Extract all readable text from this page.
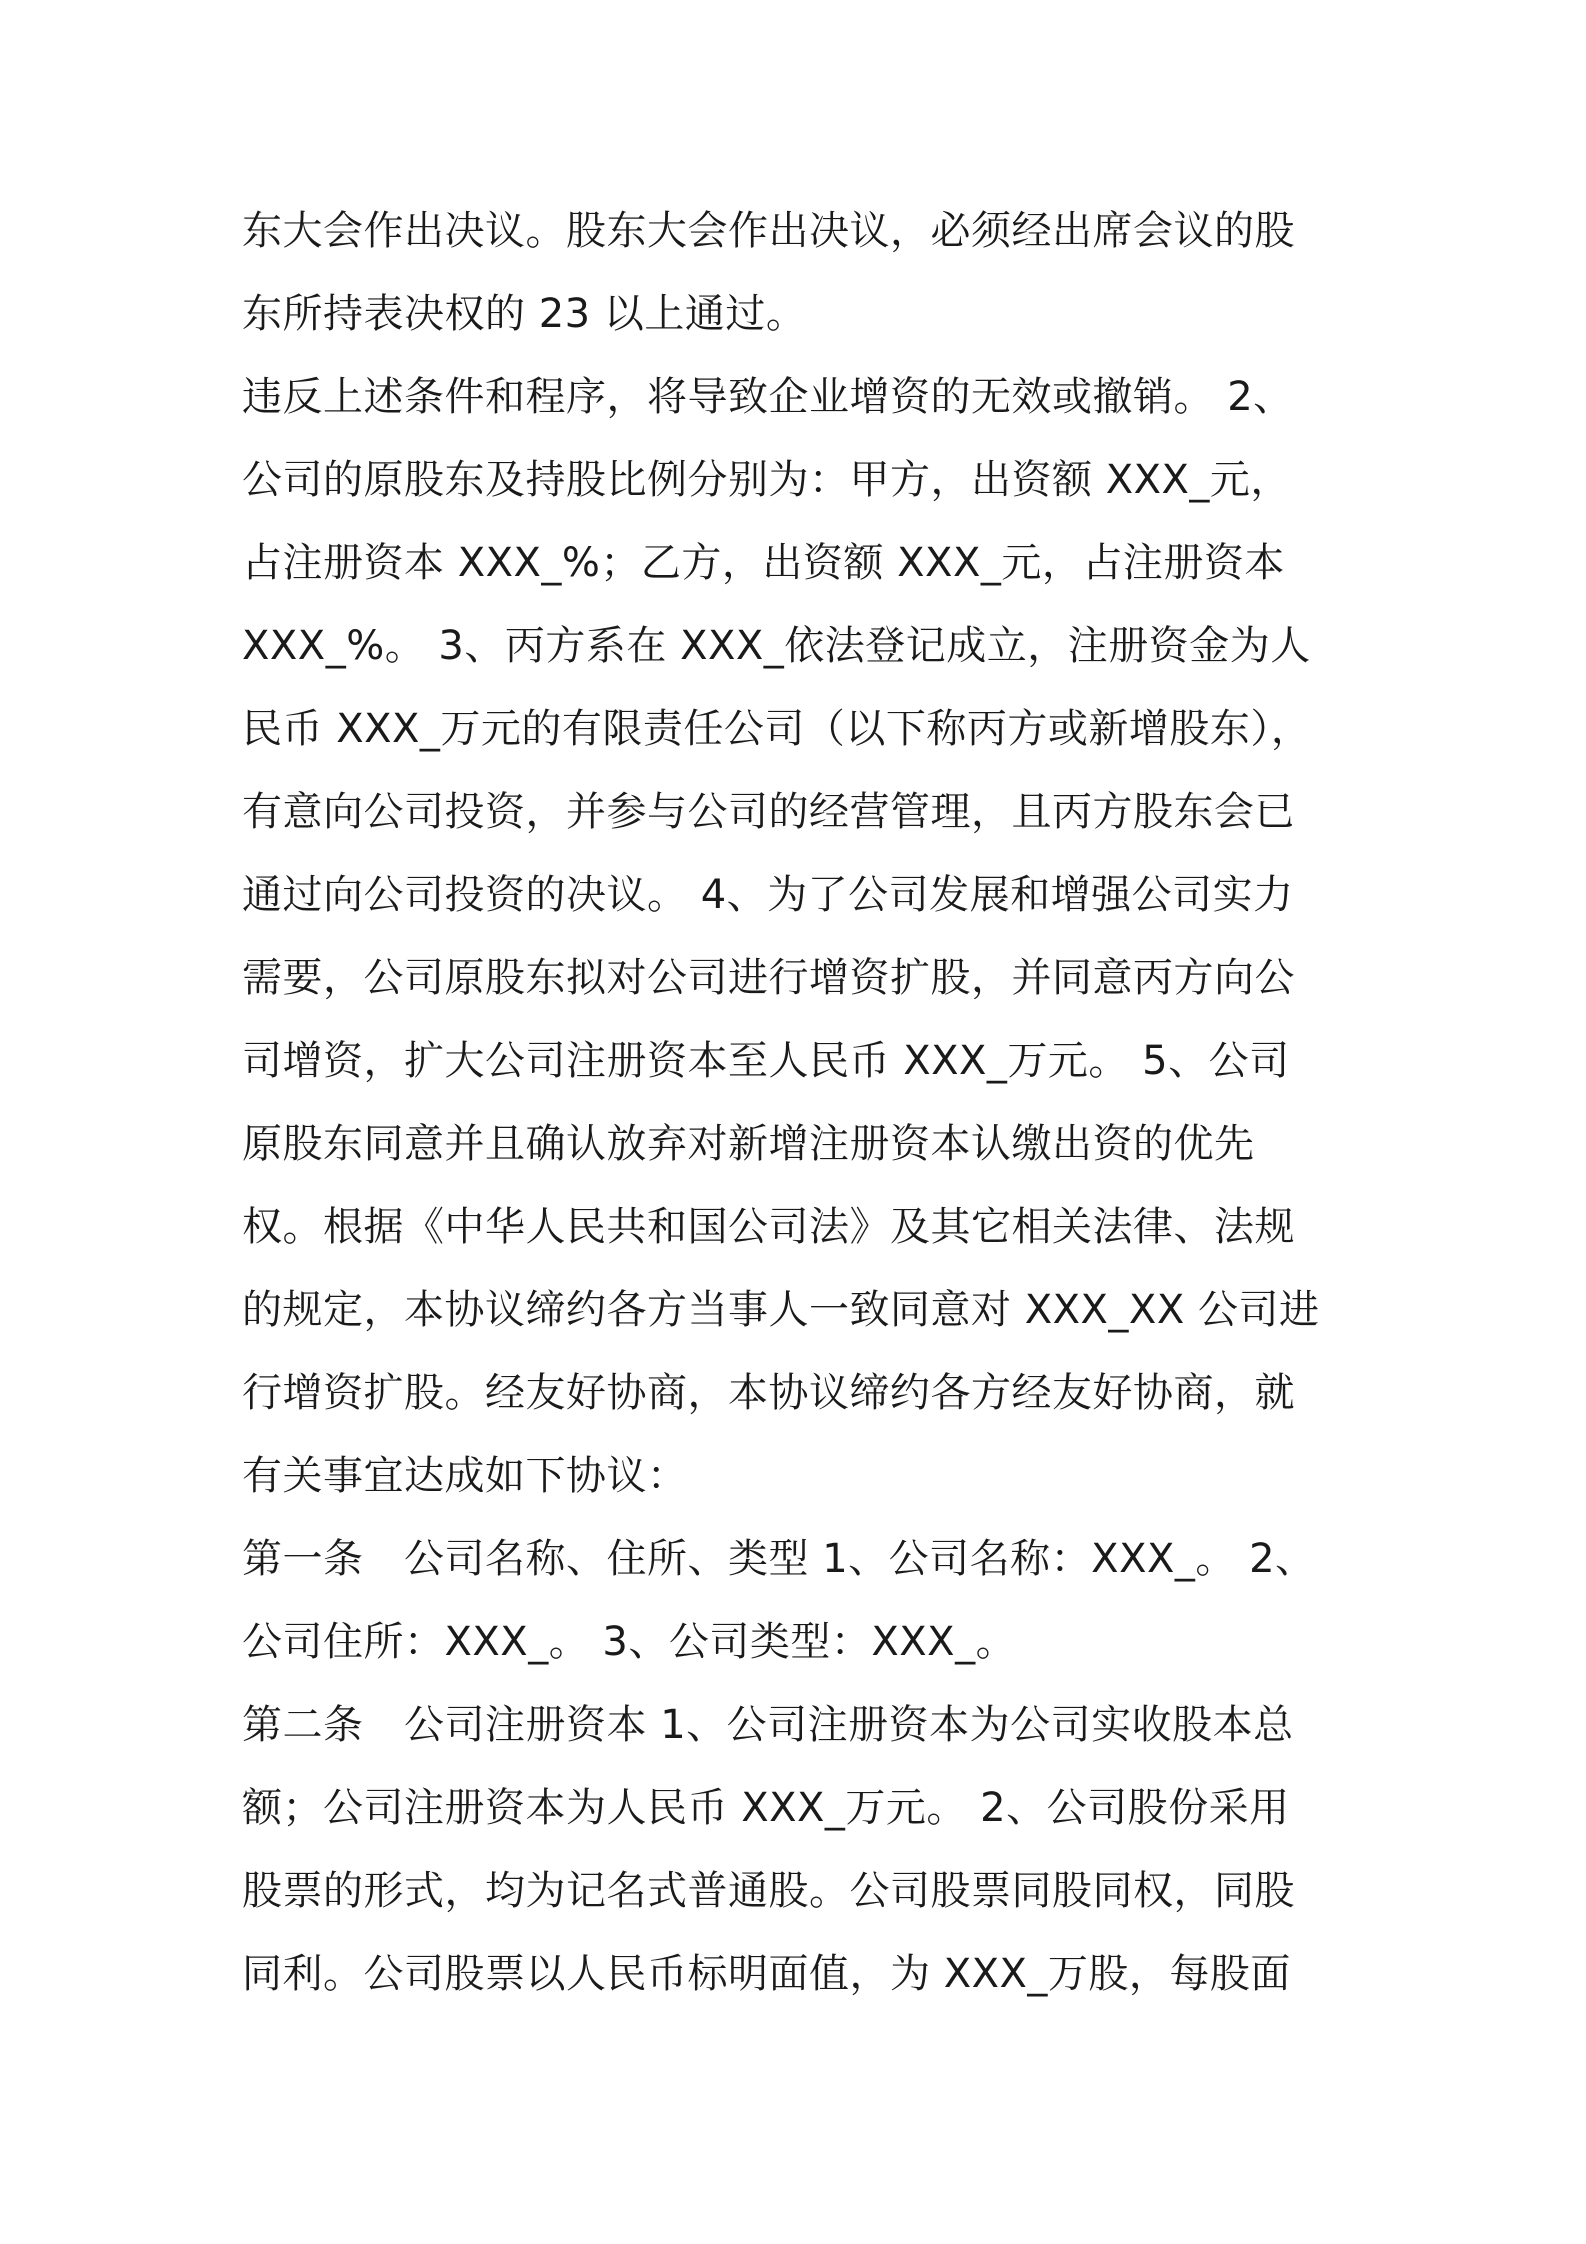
东大会作出决议。股东大会作出决议，必须经出席会议的股
东所持表决权的 23 以上通过。
违反上述条件和程序，将导致企业增资的无效或撤销。 2、
公司的原股东及持股比例分别为：甲方，出资额 XXX_元，
占注册资本 XXX_%；乙方，出资额 XXX_元，占注册资本
XXX_%。 3、丙方系在 XXX_依法登记成立，注册资金为人
民币 XXX_万元的有限责任公司（以下称丙方或新增股东），
有意向公司投资，并参与公司的经营管理，且丙方股东会已
通过向公司投资的决议。 4、为了公司发展和增强公司实力
需要，公司原股东拟对公司进行增资扩股，并同意丙方向公
司增资，扩大公司注册资本至人民币 XXX_万元。 5、公司
原股东同意并且确认放弃对新增注册资本认缴出资的优先
权。根据《中华人民共和国公司法》及其它相关法律、法规
的规定，本协议缔约各方当事人一致同意对 XXX_XX 公司进
行增资扩股。经友好协商，本协议缔约各方经友好协商，就
有关事宜达成如下协议：
第一条　公司名称、住所、类型 1、公司名称：XXX_。 2、
公司住所：XXX_。 3、公司类型：XXX_。
第二条　公司注册资本 1、公司注册资本为公司实收股本总
额；公司注册资本为人民币 XXX_万元。 2、公司股份采用
股票的形式，均为记名式普通股。公司股票同股同权，同股
同利。公司股票以人民币标明面值，为 XXX_万股，每股面
